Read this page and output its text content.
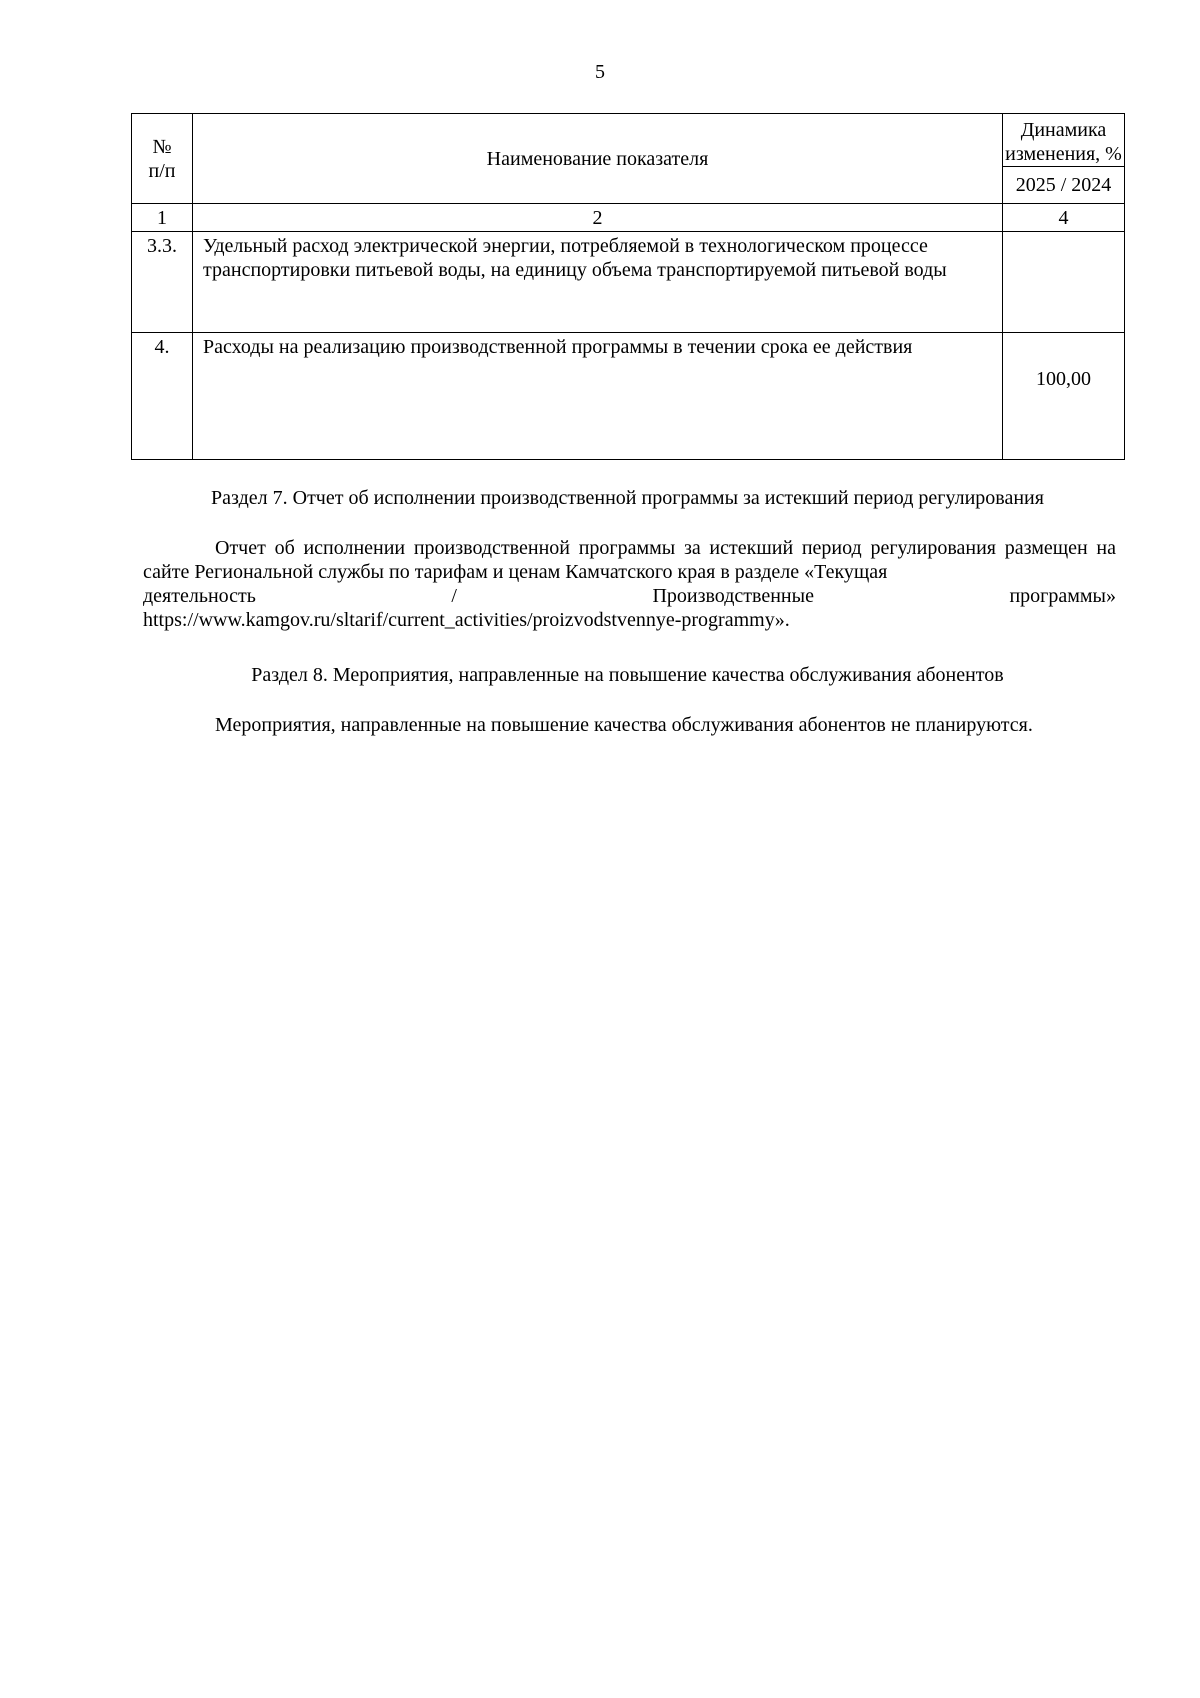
5
№ п/п	Наименование показателя	Динамика изменения, %
		2025 / 2024
1	2	4
3.3.	Удельный расход электрической энергии, потребляемой в технологическом процессе транспортировки питьевой воды, на единицу объема транспортируемой питьевой воды	
4.	Расходы на реализацию производственной программы в течении срока ее действия	100,00
Раздел 7. Отчет об исполнении производственной программы за истекший период регулирования
Отчет об исполнении производственной программы за истекший период регулирования размещен на сайте Региональной службы по тарифам и ценам Камчатского края в разделе «Текущая
деятельность	/	Производственные	программы»
https://www.kamgov.ru/sltarif/current_activities/proizvodstvennye-programmy».
Раздел 8. Мероприятия, направленные на повышение качества обслуживания абонентов
Мероприятия, направленные на повышение качества обслуживания абонентов не планируются.
